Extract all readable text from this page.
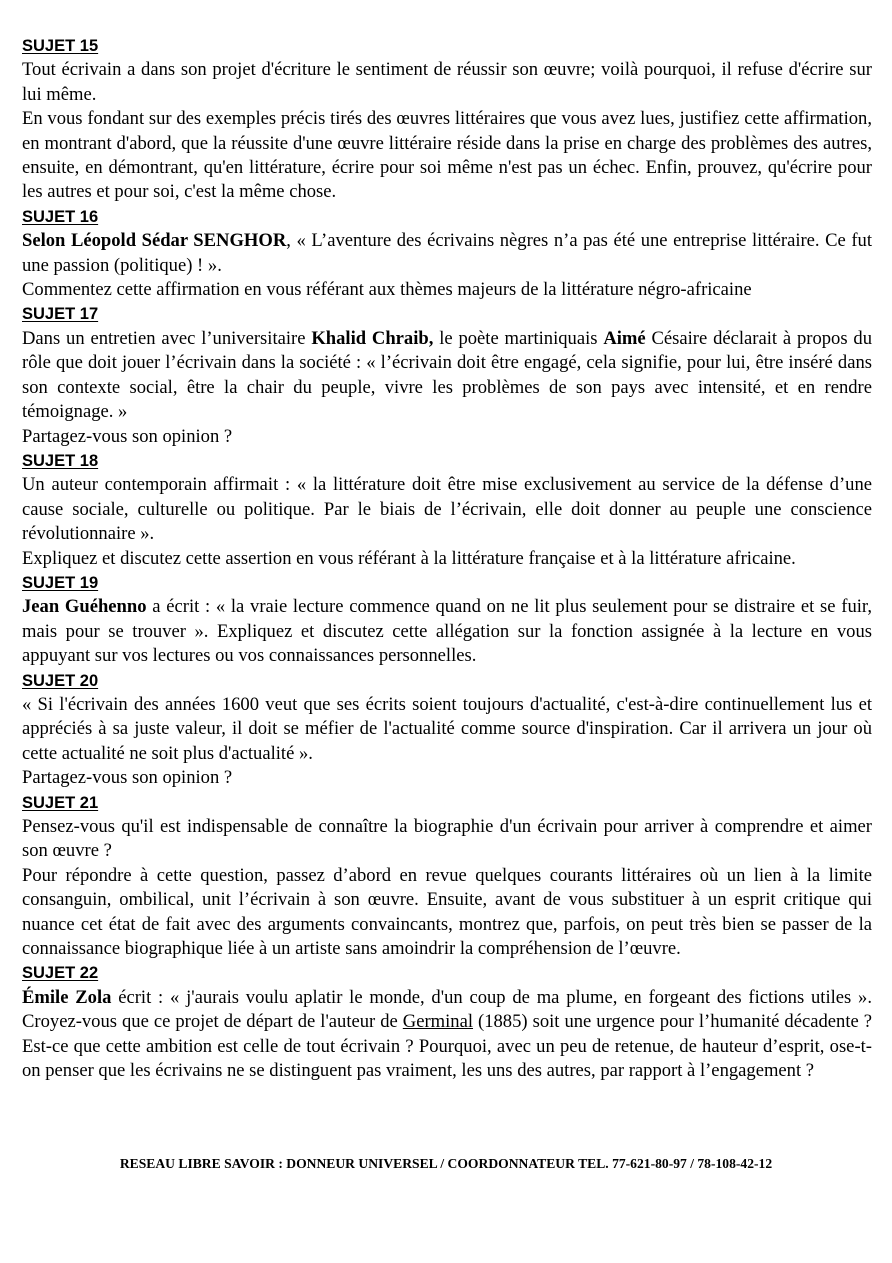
SUJET 15

Tout écrivain a dans son projet d'écriture le sentiment de réussir son œuvre; voilà pourquoi, il refuse d'écrire sur lui même.

En vous fondant sur des exemples précis tirés des œuvres littéraires que vous avez lues, justifiez cette affirmation, en montrant d'abord, que la réussite d'une œuvre littéraire réside dans la prise en charge des problèmes des autres, ensuite, en démontrant, qu'en littérature, écrire pour soi même n'est pas un échec. Enfin, prouvez, qu'écrire pour les autres et pour soi, c'est la même chose.

SUJET 16

Selon Léopold Sédar SENGHOR, « L’aventure des écrivains nègres n’a pas été une entreprise littéraire. Ce fut une passion (politique) ! ».

Commentez cette affirmation en vous référant aux thèmes majeurs de la littérature négro-africaine

SUJET 17

Dans un entretien avec l’universitaire Khalid Chraib, le poète martiniquais Aimé Césaire déclarait à propos du rôle que doit jouer l’écrivain dans la société : « l’écrivain doit être engagé, cela signifie, pour lui, être inséré dans son contexte social, être la chair du peuple, vivre les problèmes de son pays avec intensité, et en rendre témoignage. »

Partagez-vous son opinion ?

SUJET 18

Un auteur contemporain affirmait : « la littérature doit être mise exclusivement au service de la défense d’une cause sociale, culturelle ou politique. Par le biais de l’écrivain, elle doit donner au peuple une conscience révolutionnaire ».

Expliquez et discutez cette assertion en vous référant à la littérature française et à la littérature africaine.

SUJET 19

Jean Guéhenno a écrit : « la vraie lecture commence quand on ne lit plus seulement pour se distraire et se fuir, mais pour se trouver ». Expliquez et discutez cette allégation sur la fonction assignée à la lecture en vous appuyant sur vos lectures ou vos connaissances personnelles.

SUJET 20

« Si l'écrivain des années 1600 veut que ses écrits soient toujours d'actualité, c'est-à-dire continuellement lus et appréciés à sa juste valeur, il doit se méfier de l'actualité comme source d'inspiration. Car il arrivera un jour où cette actualité ne soit plus d'actualité ».

Partagez-vous son opinion ?

SUJET 21

Pensez-vous qu'il est indispensable de connaître la biographie d'un écrivain pour arriver à comprendre et aimer son œuvre ?

Pour répondre à cette question, passez d’abord en revue quelques courants littéraires où un lien à la limite consanguin, ombilical, unit l’écrivain à son œuvre. Ensuite, avant de vous substituer à un esprit critique qui nuance cet état de fait avec des arguments convaincants, montrez que, parfois, on peut très bien se passer de la connaissance biographique liée à un artiste sans amoindrir la compréhension de l’œuvre.

SUJET 22

Émile Zola écrit : « j'aurais voulu aplatir le monde, d'un coup de ma plume, en forgeant des fictions utiles ». Croyez-vous que ce projet de départ de l'auteur de Germinal (1885) soit une urgence pour l’humanité décadente ? Est-ce que cette ambition est celle de tout écrivain ? Pourquoi, avec un peu de retenue, de hauteur d’esprit, ose-t-on penser que les écrivains ne se distinguent pas vraiment, les uns des autres, par rapport à l’engagement ?

RESEAU LIBRE SAVOIR : DONNEUR UNIVERSEL / COORDONNATEUR TEL. 77-621-80-97 / 78-108-42-12
